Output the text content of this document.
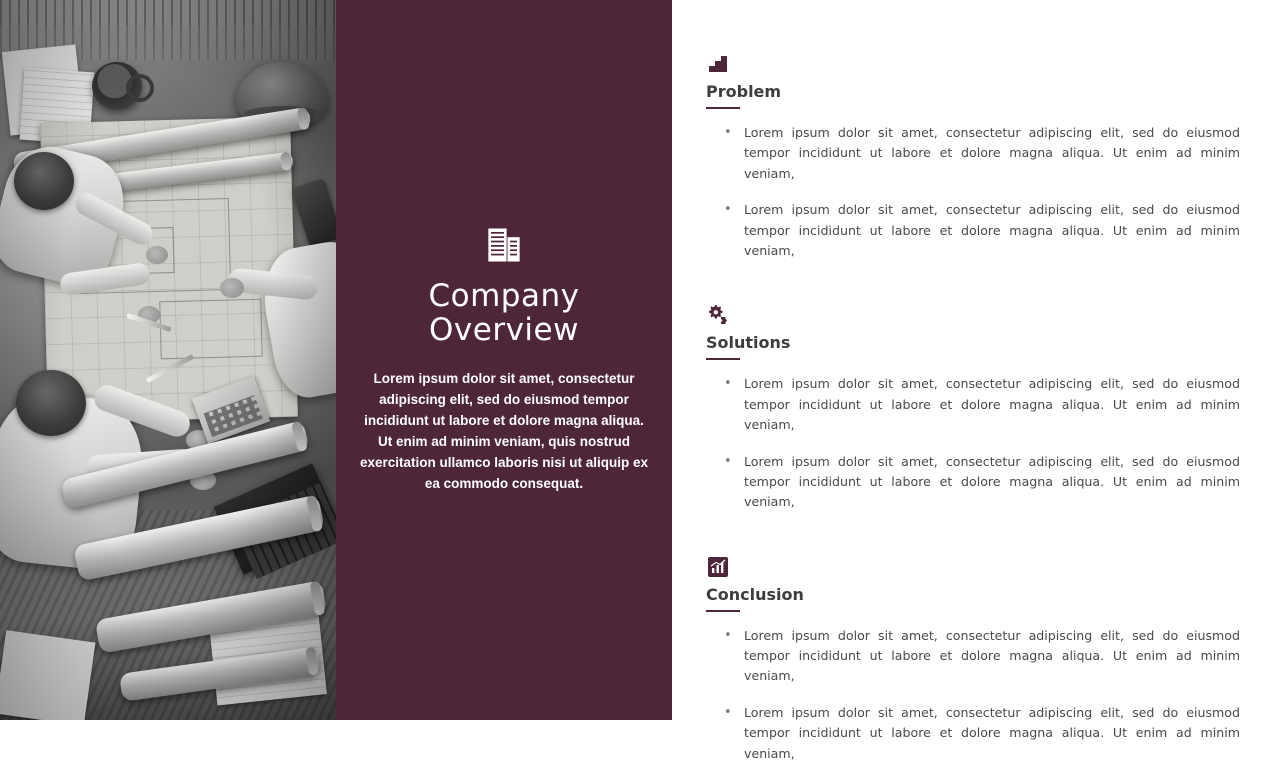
Company Overview

Lorem ipsum dolor sit amet, consectetur adipiscing elit, sed do eiusmod tempor incididunt ut labore et dolore magna aliqua. Ut enim ad minim veniam, quis nostrud exercitation ullamco laboris nisi ut aliquip ex ea commodo consequat.

Problem
• Lorem ipsum dolor sit amet, consectetur adipiscing elit, sed do eiusmod tempor incididunt ut labore et dolore magna aliqua. Ut enim ad minim veniam,
• Lorem ipsum dolor sit amet, consectetur adipiscing elit, sed do eiusmod tempor incididunt ut labore et dolore magna aliqua. Ut enim ad minim veniam,
Solutions
• Lorem ipsum dolor sit amet, consectetur adipiscing elit, sed do eiusmod tempor incididunt ut labore et dolore magna aliqua. Ut enim ad minim veniam,
• Lorem ipsum dolor sit amet, consectetur adipiscing elit, sed do eiusmod tempor incididunt ut labore et dolore magna aliqua. Ut enim ad minim veniam,
Conclusion
• Lorem ipsum dolor sit amet, consectetur adipiscing elit, sed do eiusmod tempor incididunt ut labore et dolore magna aliqua. Ut enim ad minim veniam,
• Lorem ipsum dolor sit amet, consectetur adipiscing elit, sed do eiusmod tempor incididunt ut labore et dolore magna aliqua. Ut enim ad minim veniam,
